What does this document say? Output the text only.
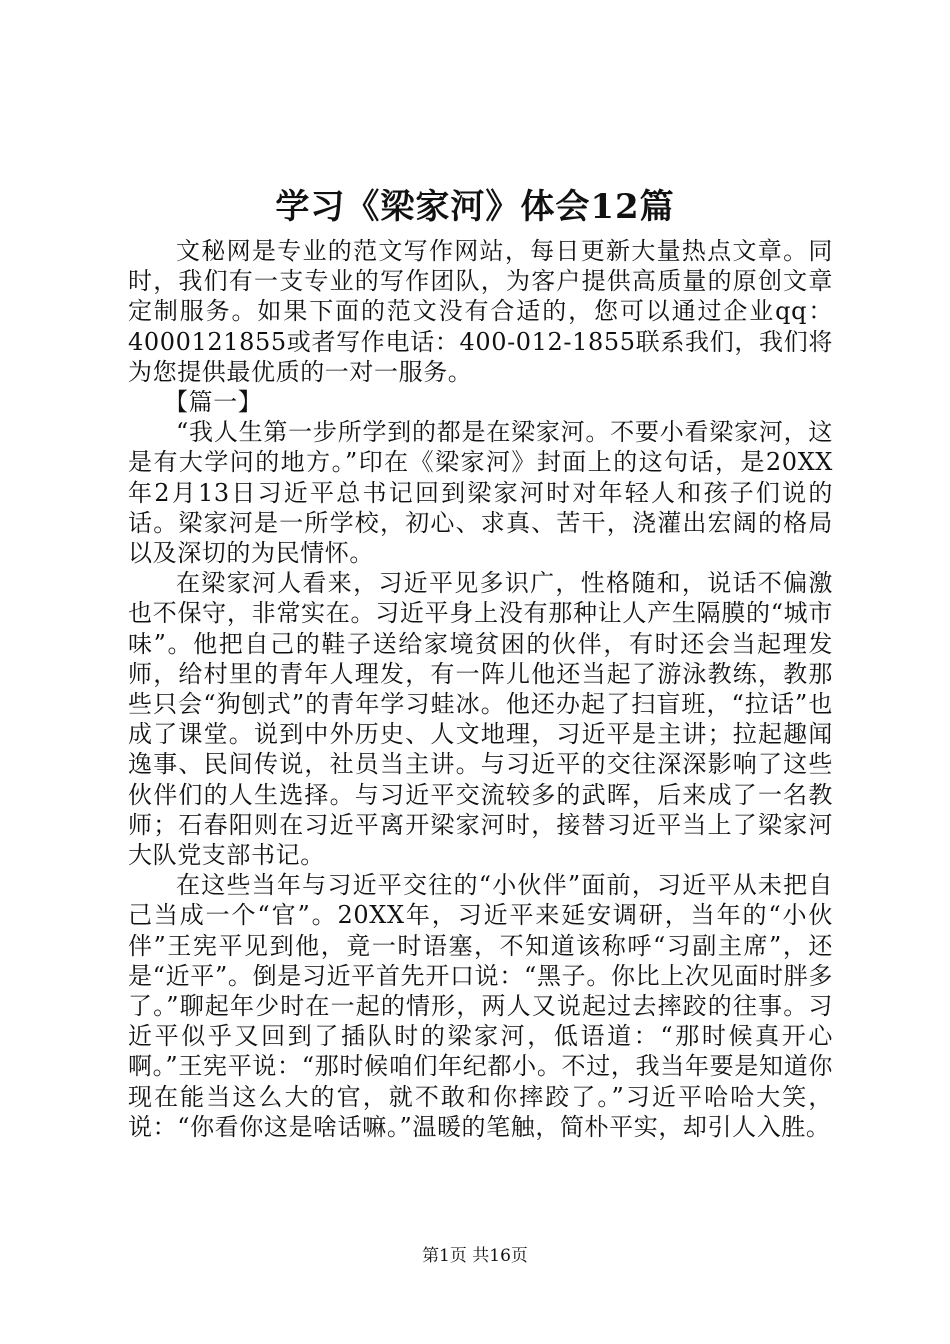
学习《梁家河》体会12篇

文秘网是专业的范文写作网站，每日更新大量热点文章。同时，我们有一支专业的写作团队，为客户提供高质量的原创文章定制服务。如果下面的范文没有合适的，您可以通过企业qq：4000121855或者写作电话：400-012-1855联系我们，我们将为您提供最优质的一对一服务。

【篇一】

“我人生第一步所学到的都是在梁家河。不要小看梁家河，这是有大学问的地方。”印在《梁家河》封面上的这句话，是20XX年2月13日习近平总书记回到梁家河时对年轻人和孩子们说的话。梁家河是一所学校，初心、求真、苦干，浇灌出宏阔的格局以及深切的为民情怀。

在梁家河人看来，习近平见多识广，性格随和，说话不偏激也不保守，非常实在。习近平身上没有那种让人产生隔膜的“城市味”。他把自己的鞋子送给家境贫困的伙伴，有时还会当起理发师，给村里的青年人理发，有一阵儿他还当起了游泳教练，教那些只会“狗刨式”的青年学习蛙冰。他还办起了扫盲班，“拉话”也成了课堂。说到中外历史、人文地理，习近平是主讲；拉起趣闻逸事、民间传说，社员当主讲。与习近平的交往深深影响了这些伙伴们的人生选择。与习近平交流较多的武晖，后来成了一名教师；石春阳则在习近平离开梁家河时，接替习近平当上了梁家河大队党支部书记。

在这些当年与习近平交往的“小伙伴”面前，习近平从未把自己当成一个“官”。20XX年，习近平来延安调研，当年的“小伙伴”王宪平见到他，竟一时语塞，不知道该称呼“习副主席”，还是“近平”。倒是习近平首先开口说：“黑子。你比上次见面时胖多了。”聊起年少时在一起的情形，两人又说起过去摔跤的往事。习近平似乎又回到了插队时的梁家河，低语道：“那时候真开心啊。”王宪平说：“那时候咱们年纪都小。不过，我当年要是知道你现在能当这么大的官，就不敢和你摔跤了。”习近平哈哈大笑，说：“你看你这是啥话嘛。”温暖的笔触，简朴平实，却引人入胜。

第1页 共16页
